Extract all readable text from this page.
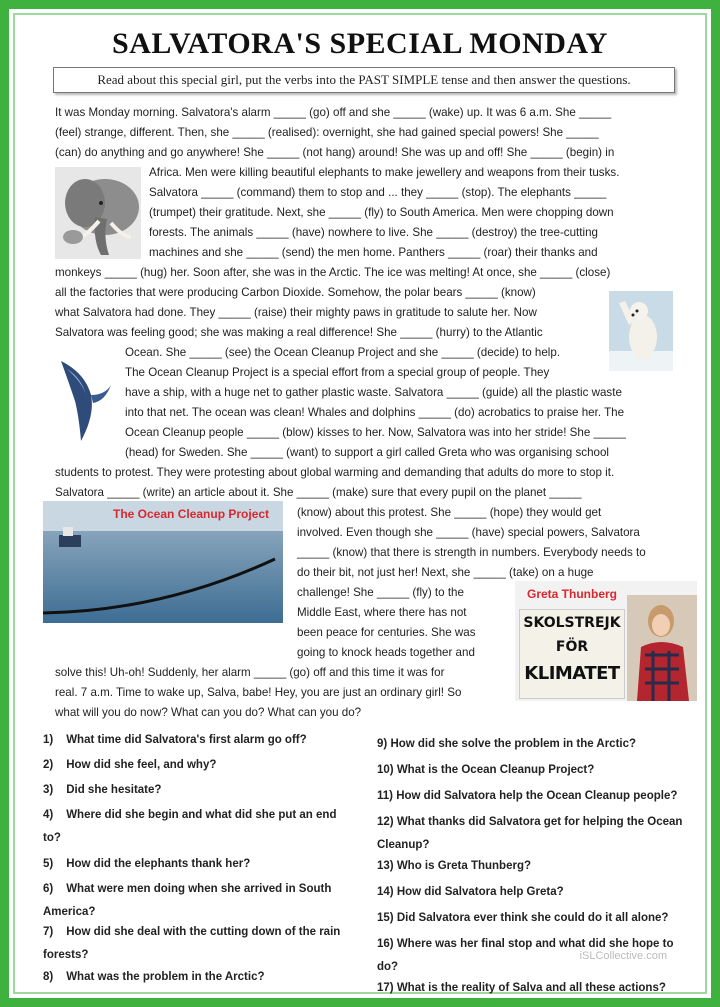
SALVATORA'S SPECIAL MONDAY
Read about this special girl, put the verbs into the PAST SIMPLE tense and then answer the questions.
It was Monday morning. Salvatora's alarm _____ (go) off and she _____ (wake) up. It was 6 a.m. She _____
(feel) strange, different. Then, she _____ (realised): overnight, she had gained special powers! She _____
(can) do anything and go anywhere! She _____ (not hang) around! She was up and off! She _____ (begin) in
Africa. Men were killing beautiful elephants to make jewellery and weapons from their tusks.
Salvatora _____ (command) them to stop and ... they _____ (stop). The elephants _____
(trumpet) their gratitude. Next, she _____ (fly) to South America. Men were chopping down
forests. The animals _____ (have) nowhere to live. She _____ (destroy) the tree-cutting
machines and she _____ (send) the men home. Panthers _____ (roar) their thanks and
monkeys _____ (hug) her. Soon after, she was in the Arctic. The ice was melting! At once, she _____ (close)
all the factories that were producing Carbon Dioxide. Somehow, the polar bears _____ (know)
what Salvatora had done. They _____ (raise) their mighty paws in gratitude to salute her. Now
Salvatora was feeling good; she was making a real difference! She _____ (hurry) to the Atlantic
Ocean. She _____ (see) the Ocean Cleanup Project and she _____ (decide) to help.
The Ocean Cleanup Project is a special effort from a special group of people. They
have a ship, with a huge net to gather plastic waste. Salvatora _____ (guide) all the plastic waste
into that net. The ocean was clean! Whales and dolphins _____ (do) acrobatics to praise her. The
Ocean Cleanup people _____ (blow) kisses to her. Now, Salvatora was into her stride! She _____
(head) for Sweden. She _____ (want) to support a girl called Greta who was organising school
students to protest. They were protesting about global warming and demanding that adults do more to stop it.
Salvatora _____ (write) an article about it. She _____ (make) sure that every pupil on the planet _____
(know) about this protest. She _____ (hope) they would get
involved. Even though she _____ (have) special powers, Salvatora
_____ (know) that there is strength in numbers. Everybody needs to
do their bit, not just her! Next, she _____ (take) on a huge
challenge! She _____ (fly) to the
Middle East, where there has not
been peace for centuries. She was
going to knock heads together and
solve this! Uh-oh! Suddenly, her alarm _____ (go) off and this time it was for
real. 7 a.m. Time to wake up, Salva, babe! Hey, you are just an ordinary girl! So
what will you do now? What can you do? What can you do?
The Ocean Cleanup Project
Greta Thunberg
SKOLSTREJK
FÖR
KLIMATET
1) What time did Salvatora's first alarm go off?
2) How did she feel, and why?
3) Did she hesitate?
4) Where did she begin and what did she put an end to?
5) How did the elephants thank her?
6) What were men doing when she arrived in South America?
7) How did she deal with the cutting down of the rain forests?
8) What was the problem in the Arctic?
9) How did she solve the problem in the Arctic?
10) What is the Ocean Cleanup Project?
11) How did Salvatora help the Ocean Cleanup people?
12) What thanks did Salvatora get for helping the Ocean Cleanup?
13) Who is Greta Thunberg?
14) How did Salvatora help Greta?
15) Did Salvatora ever think she could do it all alone?
16) Where was her final stop and what did she hope to do?
17) What is the reality of Salva and all these actions?
iSLCollective.com
